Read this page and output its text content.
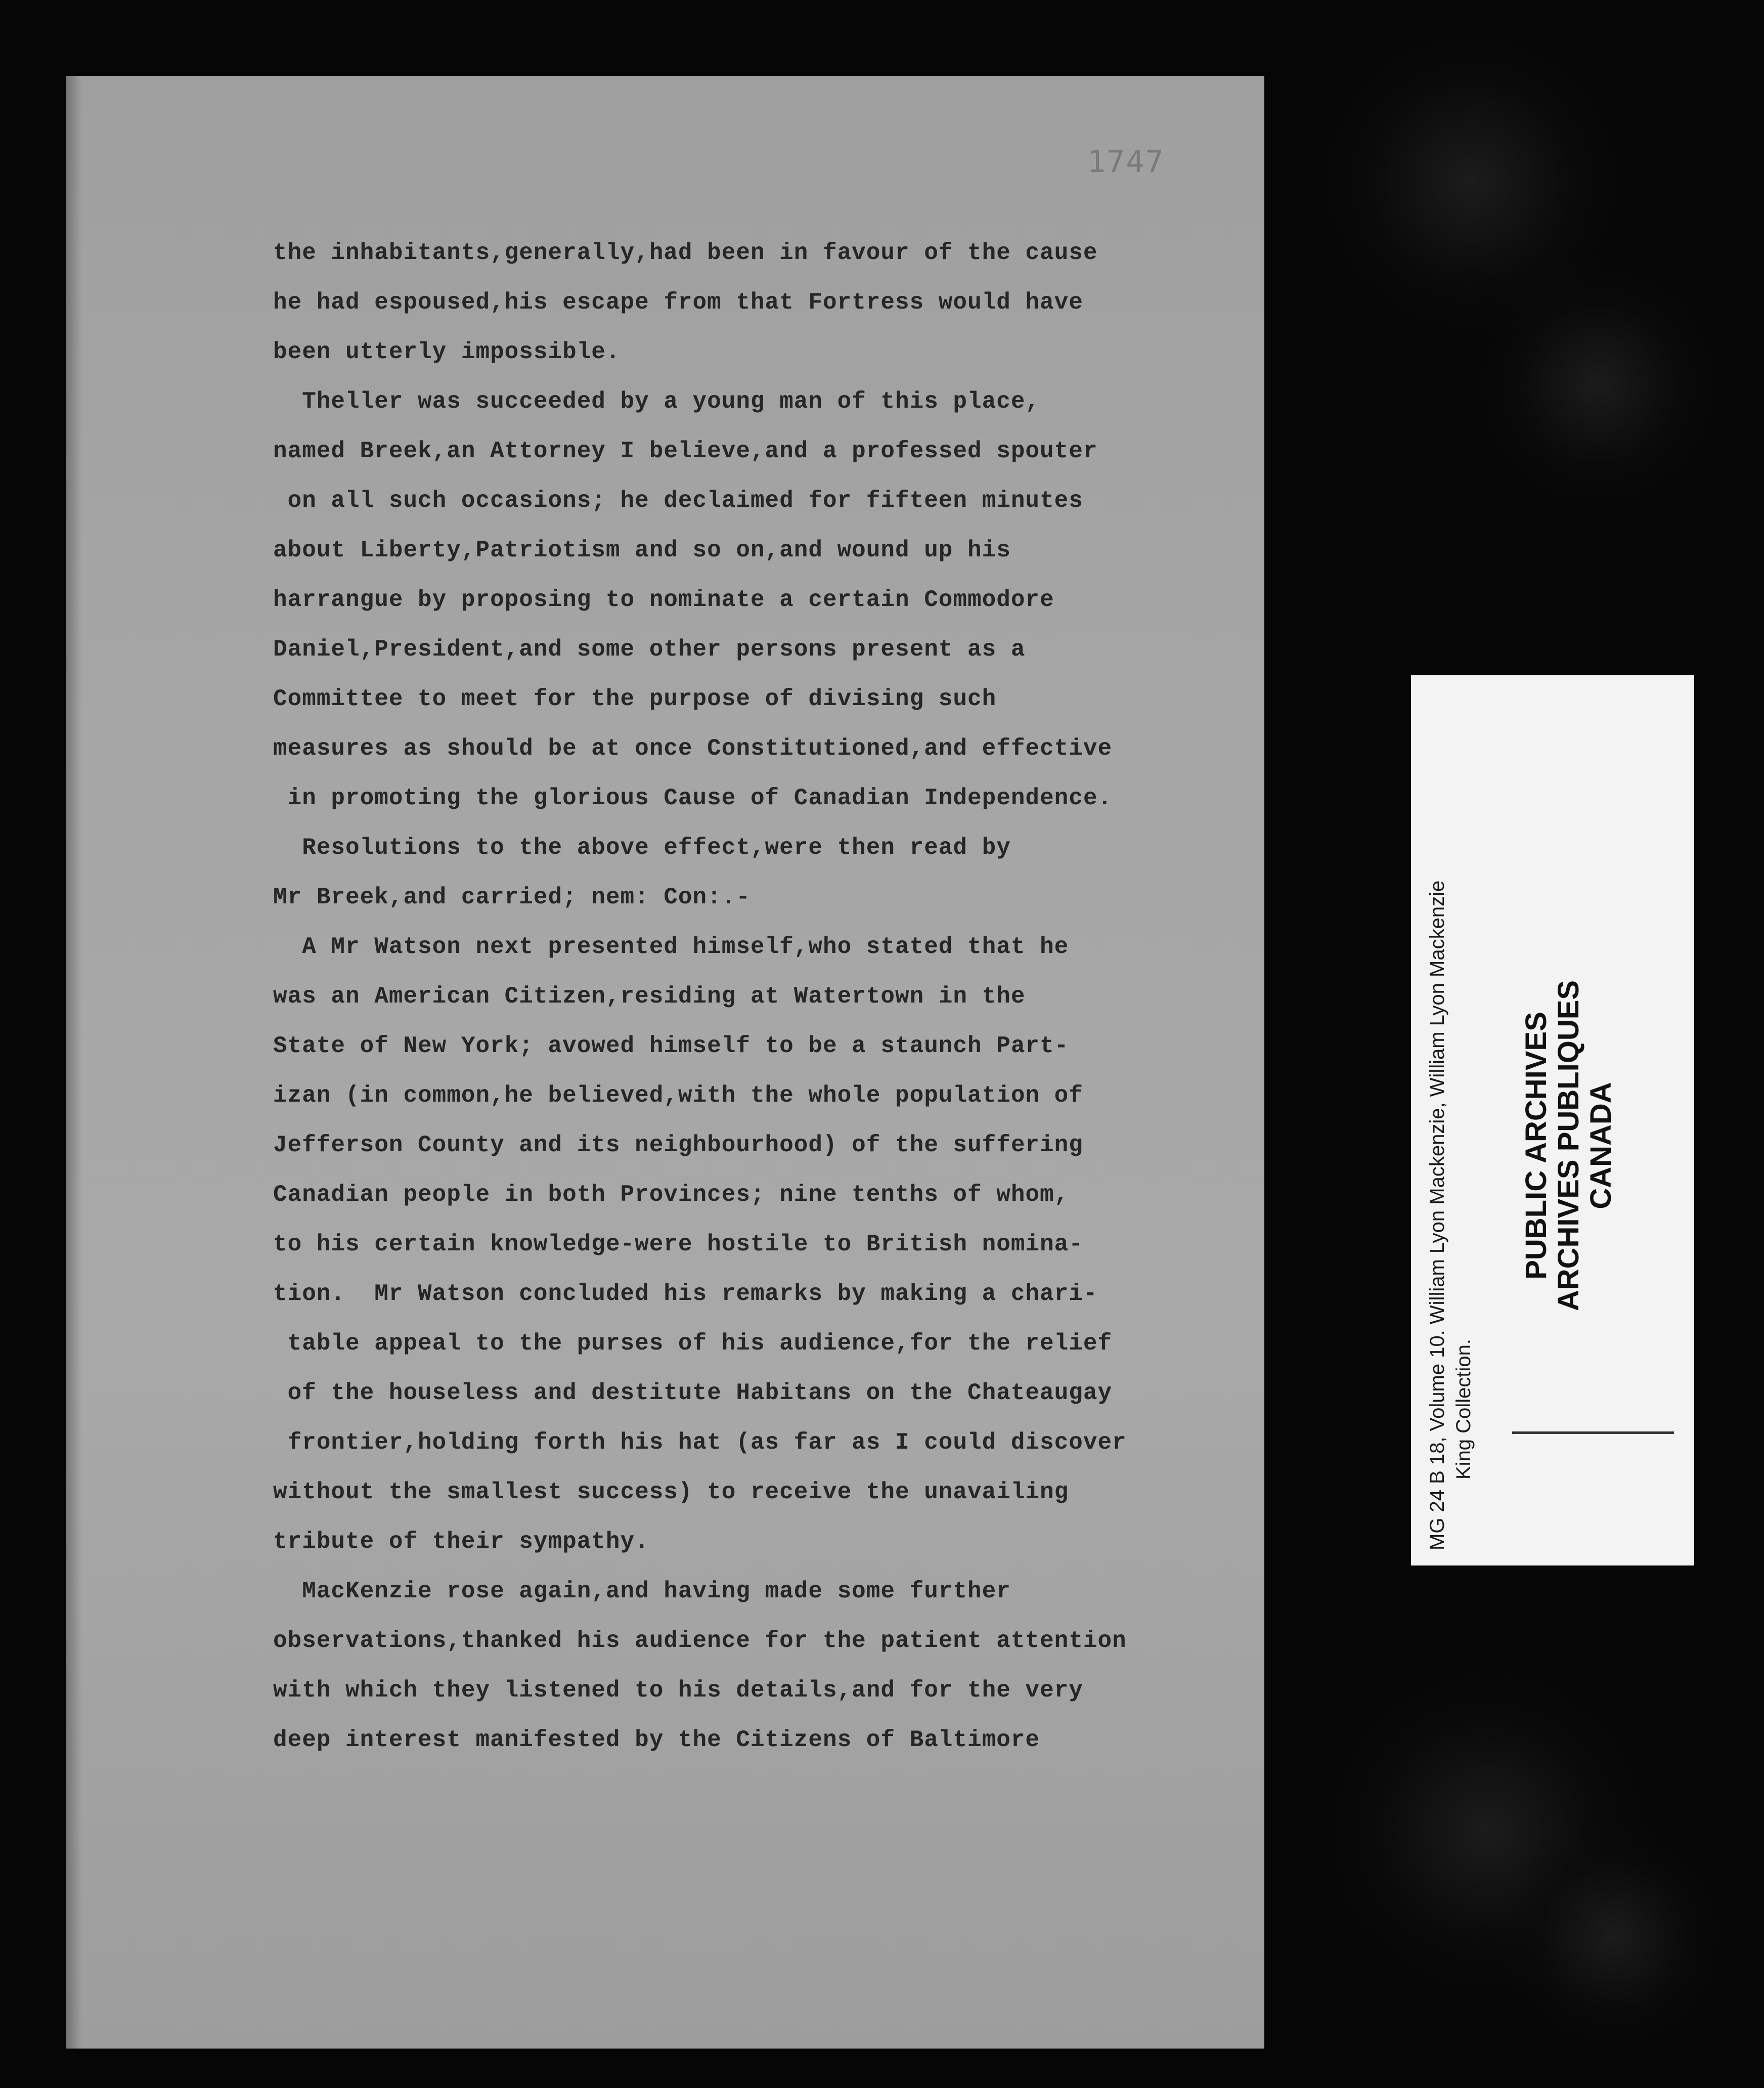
1747
the inhabitants,generally,had been in favour of the cause
he had espoused,his escape from that Fortress would have
been utterly impossible.
Theller was succeeded by a young man of this place,
named Breek,an Attorney I believe,and a professed spouter
on all such occasions; he declaimed for fifteen minutes
about Liberty,Patriotism and so on,and wound up his
harrangue by proposing to nominate a certain Commodore
Daniel,President,and some other persons present as a
Committee to meet for the purpose of divising such
measures as should be at once Constitutioned,and effective
in promoting the glorious Cause of Canadian Independence.
Resolutions to the above effect,were then read by
Mr Breek,and carried; nem: Con:.-
A Mr Watson next presented himself,who stated that he
was an American Citizen,residing at Watertown in the
State of New York; avowed himself to be a staunch Part-
izan (in common,he believed,with the whole population of
Jefferson County and its neighbourhood) of the suffering
Canadian people in both Provinces; nine tenths of whom,
to his certain knowledge-were hostile to British nomina-
tion.  Mr Watson concluded his remarks by making a chari-
table appeal to the purses of his audience,for the relief
of the houseless and destitute Habitans on the Chateaugay
frontier,holding forth his hat (as far as I could discover
without the smallest success) to receive the unavailing
tribute of their sympathy.
MacKenzie rose again,and having made some further
observations,thanked his audience for the patient attention
with which they listened to his details,and for the very
deep interest manifested by the Citizens of Baltimore
MG 24 B 18, Volume 10. William Lyon Mackenzie, William Lyon Mackenzie King Collection.
PUBLIC ARCHIVES ARCHIVES PUBLIQUES CANADA
